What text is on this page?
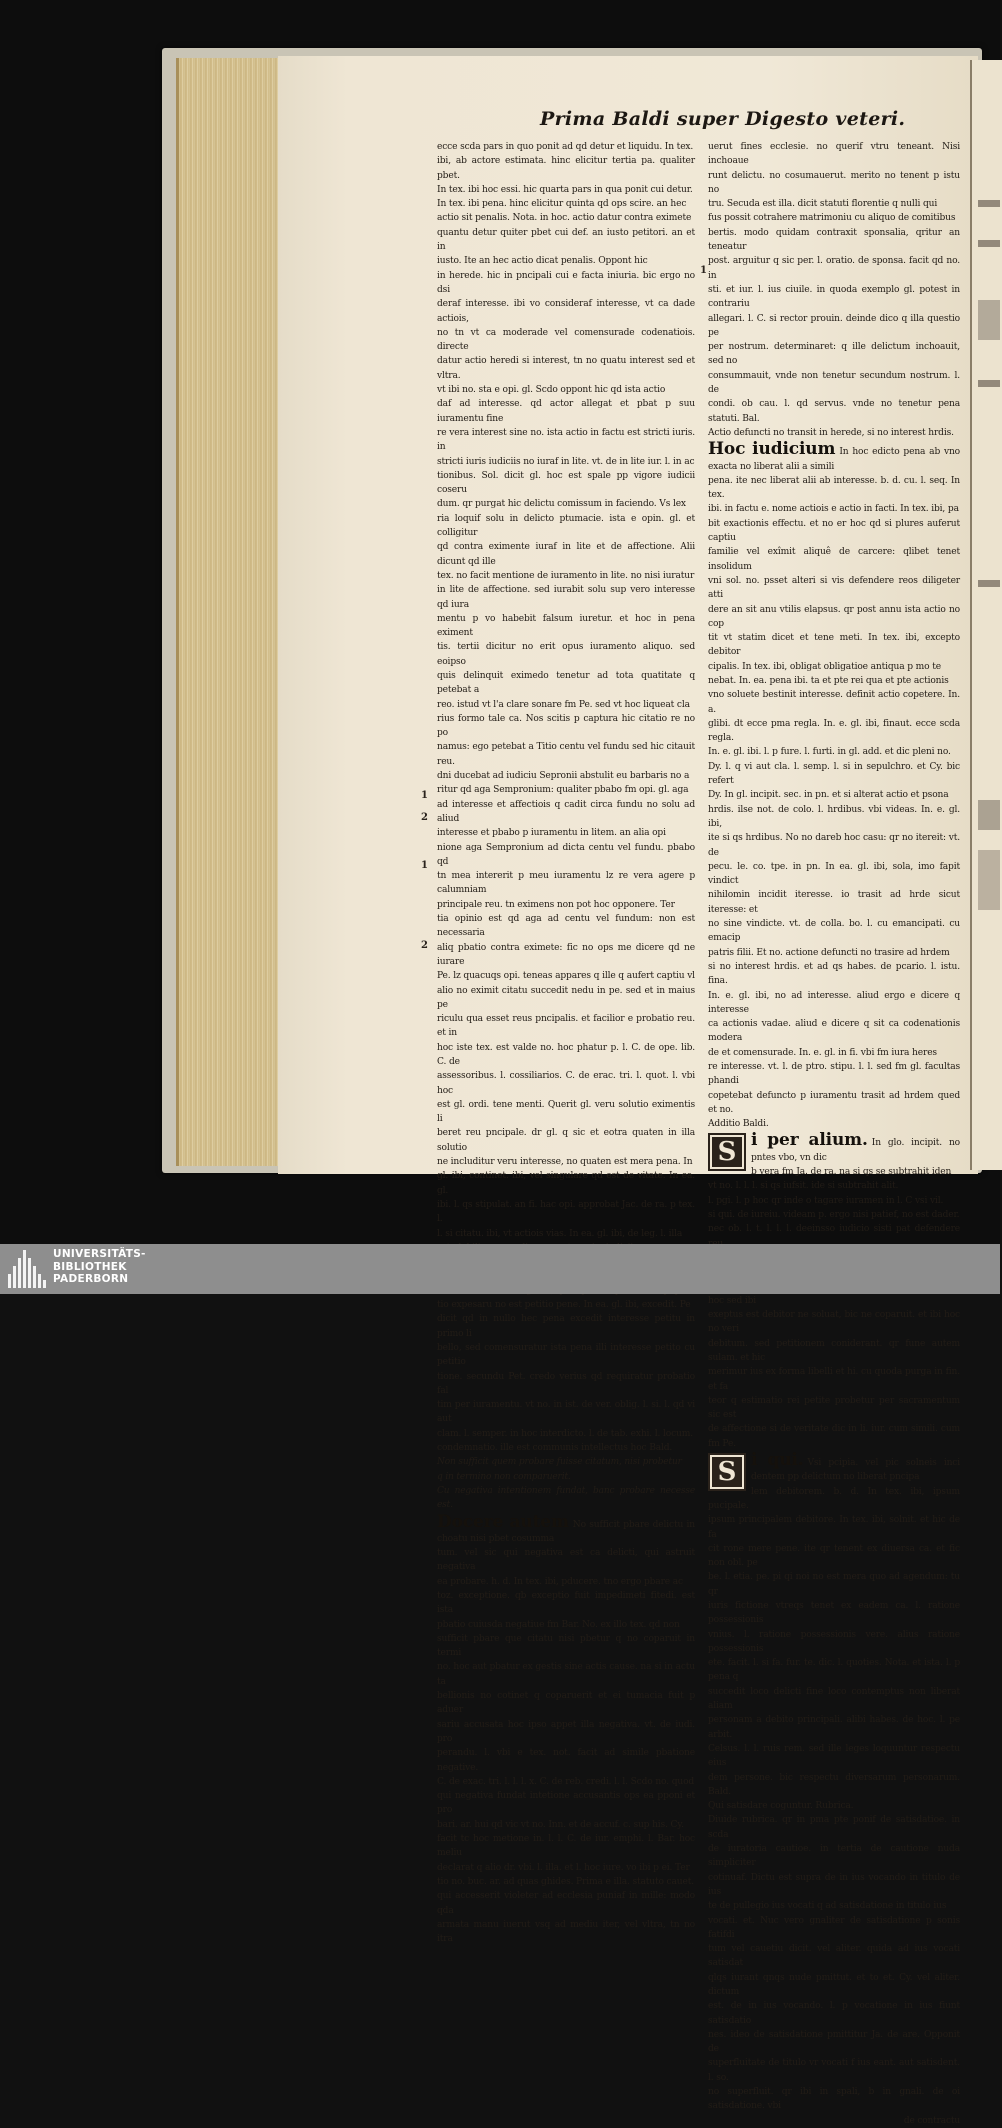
Prima Baldi super Digesto veteri.
1
2
1
2
1
ecce scda pars in quo ponit ad qd detur et liquidu. In tex.
ibi, ab actore estimata. hinc elicitur tertia pa. qualiter pbet.
In tex. ibi hoc essi. hic quarta pars in qua ponit cui detur.
In tex. ibi pena. hinc elicitur quinta qd ops scire. an hec
actio sit penalis. Nota. in hoc. actio datur contra eximete
quantu detur quiter pbet cui def. an iusto petitori. an et in
iusto. Ite an hec actio dicat penalis. Oppont hic
in herede. hic in pncipali cui e facta iniuria. bic ergo no dsi
deraf interesse. ibi vo consideraf interesse, vt ca dade actiois,
no tn vt ca moderade vel comensurade codenatiois. directe
datur actio heredi si interest, tn no quatu interest sed et vltra.
vt ibi no. sta e opi. gl. Scdo oppont hic qd ista actio
daf ad interesse. qd actor allegat et pbat p suu iuramentu fine
re vera interest sine no. ista actio in factu est stricti iuris. in
stricti iuris iudiciis no iuraf in lite. vt. de in lite iur. l. in ac
tionibus. Sol. dicit gl. hoc est spale pp vigore iudicii coseru
dum. qr purgat hic delictu comissum in faciendo. Vs lex
ria loquif solu in delicto ptumacie. ista e opin. gl. et colligitur
qd contra eximente iuraf in lite et de affectione. Alii dicunt qd ille
tex. no facit mentione de iuramento in lite. no nisi iuratur
in lite de affectione. sed iurabit solu sup vero interesse qd iura
mentu p vo habebit falsum iuretur. et hoc in pena eximent
tis. tertii dicitur no erit opus iuramento aliquo. sed eoipso
quis delinquit eximedo tenetur ad tota quatitate q petebat a
reo. istud vt l'a clare sonare fm Pe. sed vt hoc liqueat cla
rius formo tale ca. Nos scitis p captura hic citatio re no po
namus: ego petebat a Titio centu vel fundu sed hic citauit reu.
dni ducebat ad iudiciu Sepronii abstulit eu barbaris no a
ritur qd aga Sempronium: qualiter pbabo fm opi. gl. aga
ad interesse et affectiois q cadit circa fundu no solu ad aliud
interesse et pbabo p iuramentu in litem. an alia opi
nione aga Sempronium ad dicta centu vel fundu. pbabo qd
tn mea intererit p meu iuramentu lz re vera agere p calumniam
principale reu. tn eximens non pot hoc opponere. Ter
tia opinio est qd aga ad centu vel fundum: non est necessaria
aliq pbatio contra eximete: fic no ops me dicere qd ne iurare
Pe. lz quacuqs opi. teneas appares q ille q aufert captiu vl
alio no eximit citatu succedit nedu in pe. sed et in maius pe
riculu qua esset reus pncipalis. et facilior e probatio reu. et in
hoc iste tex. est valde no. hoc phatur p. l. C. de ope. lib. C. de
assessoribus. l. cossiliarios. C. de erac. tri. l. quot. l. vbi hoc
est gl. ordi. tene menti. Querit gl. veru solutio eximentis li
beret reu pncipale. dr gl. q sic et eotra quaten in illa solutio
ne includitur veru interesse, no quaten est mera pena. In
gl. ibi, continet. ibi, vel singulare qd est de vitate. In ea. gl.
ibi. l. qs stipulat. an fi. hac opi. approbat Jac. de ra. p tex. l.
l. si citatu. ibi, vt actiois vias. In ea. gl. ibi, de leg. l. illa
tio expesaru no est petitio pene. In ea. gl. ibi, excedit. Pe
dicit qd in nullo hec pena excedit interesse petitu in primo li
bello, sed comensuratur ista pena illi interesse petito cu petitio
tione. secundu Pet. credo verius qd requiratur probatio fal
tim per iuramentu. vt no. in ist. de ver. oblig. l. si. l. qd vi aut
clam. l. semper. in hoc interdicto. l. de tab. exhi. l. locum.
condemnatio. ille est communis intellectus hoc Bald.
Non sufficit quem probare fuisse citatum, nisi probetur
q in termino non comparuerit.
Cu negativa intentionem fundat, banc probare necesse est.
Docere autem No sufficit pbare delictu in choatu nisi pbet cosumma
tum. vel sic qui negativa est ca delicti, qui astruit negativa
ea probare. h. d. In tex. ibi, pducere. tno ergo pbare ac
toz. exceptione. qb exceptio fuit impedimeti fitedi. est ista
pbatio cuiusda negatiue fm Bar. No. ex illo tex. qd non
sufficit pbare que citatu nisi pbetur q no coparuit in termi
no. hoc aut pbatur ex gestis sine actis cause. na si in actu ta
bellionis no cotinet q coparuerit et ei tumacia fuit p aduer
sariu accusata hoc ipso appet illa negativa. vt. de iudi. pro
perandu. l. vbi e tex. not. facit ad simile pbatione negative.
C. de exac. tri. l. l. l. x. C. de reb. credi. l. l. Scdo no. quod
qui negativa fundat intetione accusantis ops ea pponi et pro
bari. ar. hui qd vic vt no. Inn. et de accuf. c. sup his. Cy.
facit tc hoc metione in. l. l. C. de iur. emphi. l. Bar. hoc meliu
declarat q alio dr. vbi. l. illa. et l. hoc iure. vo ibi p ei. Ter
tio no. buc. ar. ad quas ghides. Prima e illa. statuto cauet.
qui accesserit violeter ad ecclesia puniaf in mille: modo qda
armata manu iuerut vsq ad mediu iter, vel vltra, tn no itra
uerut fines ecclesie. no querif vtru teneant. Nisi inchoaue
runt delictu. no cosumauerut. merito no tenent p istu no
tru. Secuda est illa. dicit statuti florentie q nulli qui
fus possit cotrahere matrimoniu cu aliquo de comitibus
bertis. modo quidam contraxit sponsalia, qritur an teneatur
post. arguitur q sic per. l. oratio. de sponsa. facit qd no. in
sti. et iur. l. ius ciuile. in quoda exemplo gl. potest in contrariu
allegari. l. C. si rector prouin. deinde dico q illa questio pe
per nostrum. determinaret: q ille delictum inchoauit, sed no
consummauit, vnde non tenetur secundum nostrum. l. de
condi. ob cau. l. qd servus. vnde no tenetur pena statuti. Bal.
Actio defuncti no transit in herede, si no interest hrdis.
Hoc iudicium In hoc edicto pena ab vno exacta no liberat alii a simili
pena. ite nec liberat alii ab interesse. b. d. cu. l. seq. In tex.
ibi. in factu e. nome actiois e actio in facti. In tex. ibi, pa
bit exactionis effectu. et no er hoc qd si plures auferut captiu
familie vel exîmit aliquê de carcere: qlibet tenet insolidum
vni sol. no. psset alteri si vis defendere reos diligeter atti
dere an sit anu vtilis elapsus. qr post annu ista actio no cop
tit vt statim dicet et tene meti. In tex. ibi, excepto debitor
cipalis. In tex. ibi, obligat obligatioe antiqua p mo te
nebat. In. ea. pena ibi. ta et pte rei qua et pte actionis
vno soluete bestinit interesse. definit actio copetere. In. a.
glibi. dt ecce pma regla. In. e. gl. ibi, finaut. ecce scda regla.
In. e. gl. ibi. l. p fure. l. furti. in gl. add. et dic pleni no.
Dy. l. q vi aut cla. l. semp. l. si in sepulchro. et Cy. bic refert
Dy. In gl. incipit. sec. in pn. et si alterat actio et psona
hrdis. ilse not. de colo. l. hrdibus. vbi videas. In. e. gl. ibi,
ite si qs hrdibus. No no dareb hoc casu: qr no itereit: vt. de
pecu. le. co. tpe. in pn. In ea. gl. ibi, sola, imo fapit vindict
nihilomin incidit iteresse. io trasit ad hrde sicut iteresse: et
no sine vindicte. vt. de colla. bo. l. cu emancipati. cu emacip
patris filii. Et no. actione defuncti no trasire ad hrdem
si no interest hrdis. et ad qs habes. de pcario. l. istu. fina.
In. e. gl. ibi, no ad interesse. aliud ergo e dicere q interesse
ca actionis vadae. aliud e dicere q sit ca codenationis modera
de et comensurade. In. e. gl. in fi. vbi fm iura heres
re interesse. vt. l. de ptro. stipu. l. l. sed fm gl. facultas phandi
copetebat defuncto p iuramentu trasit ad hrdem qued et no.
Additio Baldi.
S i per alium. In glo. incipit. no pntes vbo, vn dic
b vera fm Ja. de ra. na si qs se subtrahit iden
vt no. l. l. l. si qs iufsit. ide si subtrahit alit.
l. pgi. l. p hoc qr inde o tagare iuramen in l. C vsi vil.
si qui. de iureiu. videam p. ergo nisi patief, no est dader.
nec ob. l. t. l. l. l. deeinsso iudicio sisti pat defendere
hoc sed ibi
exeptus est debitor ne soluat, bic ne coparuit. et ibi hoc no veri
debitum. sed petitionem coniderant. qr fune autem sulam. et hic
merimur ius ex forma libelli et hi. cu quoda purga in fin. et fa
teor q estimatio rei petite probetur per sacramentum sic est
de affectione si de veritate dic in li. iur. cum simili. cum fm Pe.
S i qui. Vsi pcipia. vel pic solneis inci dentem pp delictum no liberat pncipa
lem debitorem. b. d. In tex. ibi, ipsum pucipale.
ipsum principalem debitore. In tex. ibi, solnit. et hic de fa
cit rone mere pene. ite qr tenent ex diuersa ca. et fic non obl. pe
be. l. etia. pe. pi qi noi no est mera quo ad agendum: tu qr
iuris fictione vtreqs tenet ex eadem ca. l. ratione possessionis
vnius. l. ratione possessionis vere. alius ratione possessionis
ete. facit. l. si fa. fur. te. dic. l. quoties. Nota. et ista. l. p pena q
succedit loco delicti fine loco contemptus non liberat aliam
personam a debito principali. alibi habes. de hoc. l. pe arbit.
Celsus. l. l. ruis rem. sed ille leges loquuntur respectu eius
dem persone. bic respectu diversarum personarum. Bald.
Qui satisdare coguntur. Rubrica.
Diuide rubrica. qr in pma pte ponif de satisdatioe. in scda
de iuratoria cautioe. in tertia de cautione nuda simpliciter
cotinuaf. Dictu est supra de in ius vocando in titulo de ius
te de pullegio ius vocati q ad satisdatione in titulo ius
vocati. et. Nuc vero gnaliter de satisdatione p sonis fatifdi
tum vel cauetiu dicit. vel aliter. quida ad ius vocati satisdat
qlqs iurant qnqs nude pmittut. et to et. Cy. vel aliter. dictum
est. de in ius vocando. l. p vocatione in ius fiunt satisdatio
nes. ideo de satisdatione pmittitur Ja. de are. Opponit de
superfluitate de titulo vr vocati f ius eant. aut satisdent. l. so.
no superfluit. qr ibi in spali, b in gnali. de oi satisdatione. vbi
de contractu
UNIVERSITÄTS-
BIBLIOTHEK
PADERBORN
